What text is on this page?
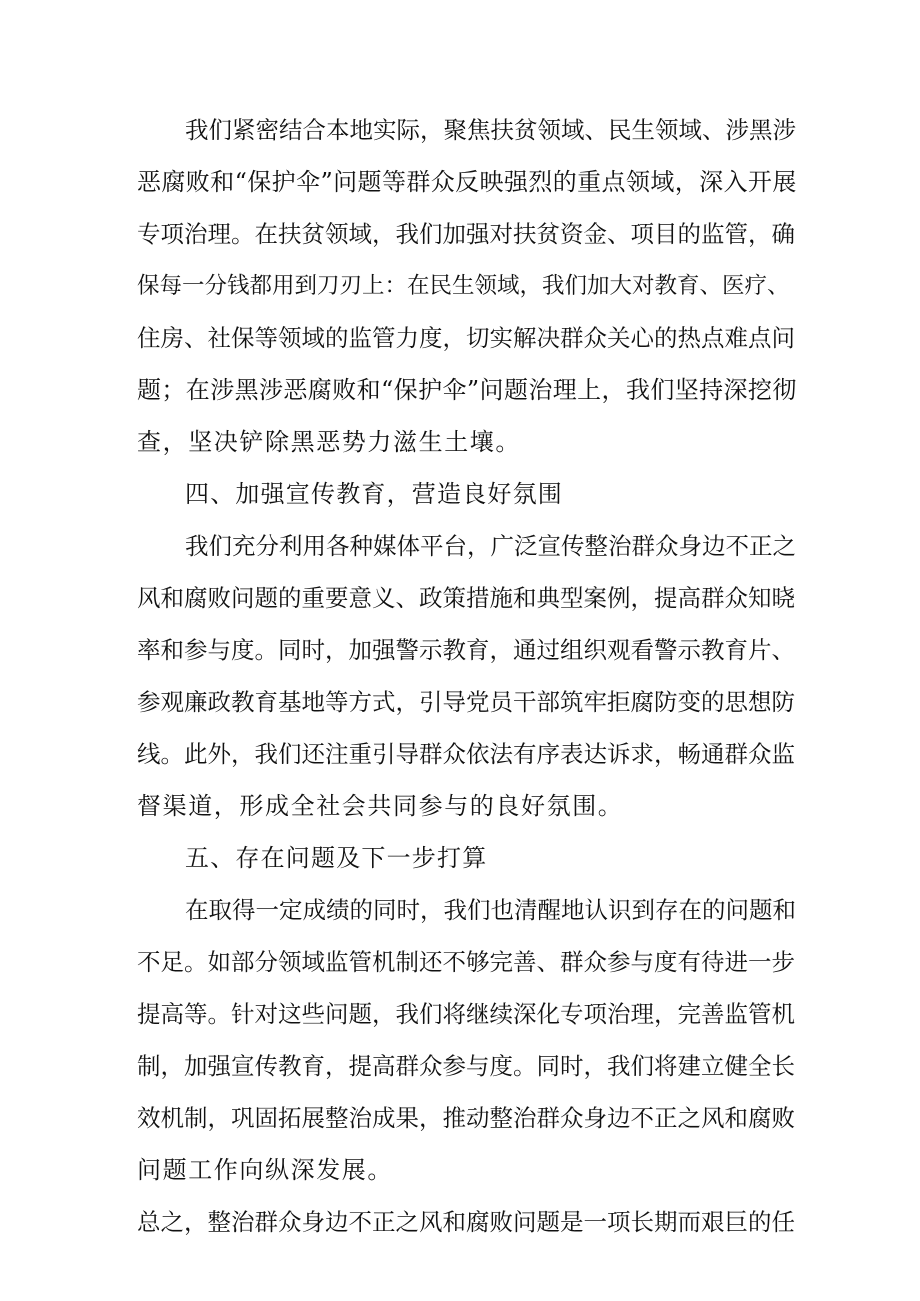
我们紧密结合本地实际，聚焦扶贫领域、民生领域、涉黑涉
恶腐败和“保护伞”问题等群众反映强烈的重点领域，深入开展
专项治理。在扶贫领域，我们加强对扶贫资金、项目的监管，确
保每一分钱都用到刀刃上：在民生领域，我们加大对教育、医疗、
住房、社保等领域的监管力度，切实解决群众关心的热点难点问
题；在涉黑涉恶腐败和“保护伞”问题治理上，我们坚持深挖彻
查，坚决铲除黑恶势力滋生土壤。
四、加强宣传教育，营造良好氛围
我们充分利用各种媒体平台，广泛宣传整治群众身边不正之
风和腐败问题的重要意义、政策措施和典型案例，提高群众知晓
率和参与度。同时，加强警示教育，通过组织观看警示教育片、
参观廉政教育基地等方式，引导党员干部筑牢拒腐防变的思想防
线。此外，我们还注重引导群众依法有序表达诉求，畅通群众监
督渠道，形成全社会共同参与的良好氛围。
五、存在问题及下一步打算
在取得一定成绩的同时，我们也清醒地认识到存在的问题和
不足。如部分领域监管机制还不够完善、群众参与度有待进一步
提高等。针对这些问题，我们将继续深化专项治理，完善监管机
制，加强宣传教育，提高群众参与度。同时，我们将建立健全长
效机制，巩固拓展整治成果，推动整治群众身边不正之风和腐败
问题工作向纵深发展。
总之，整治群众身边不正之风和腐败问题是一项长期而艰巨的任
